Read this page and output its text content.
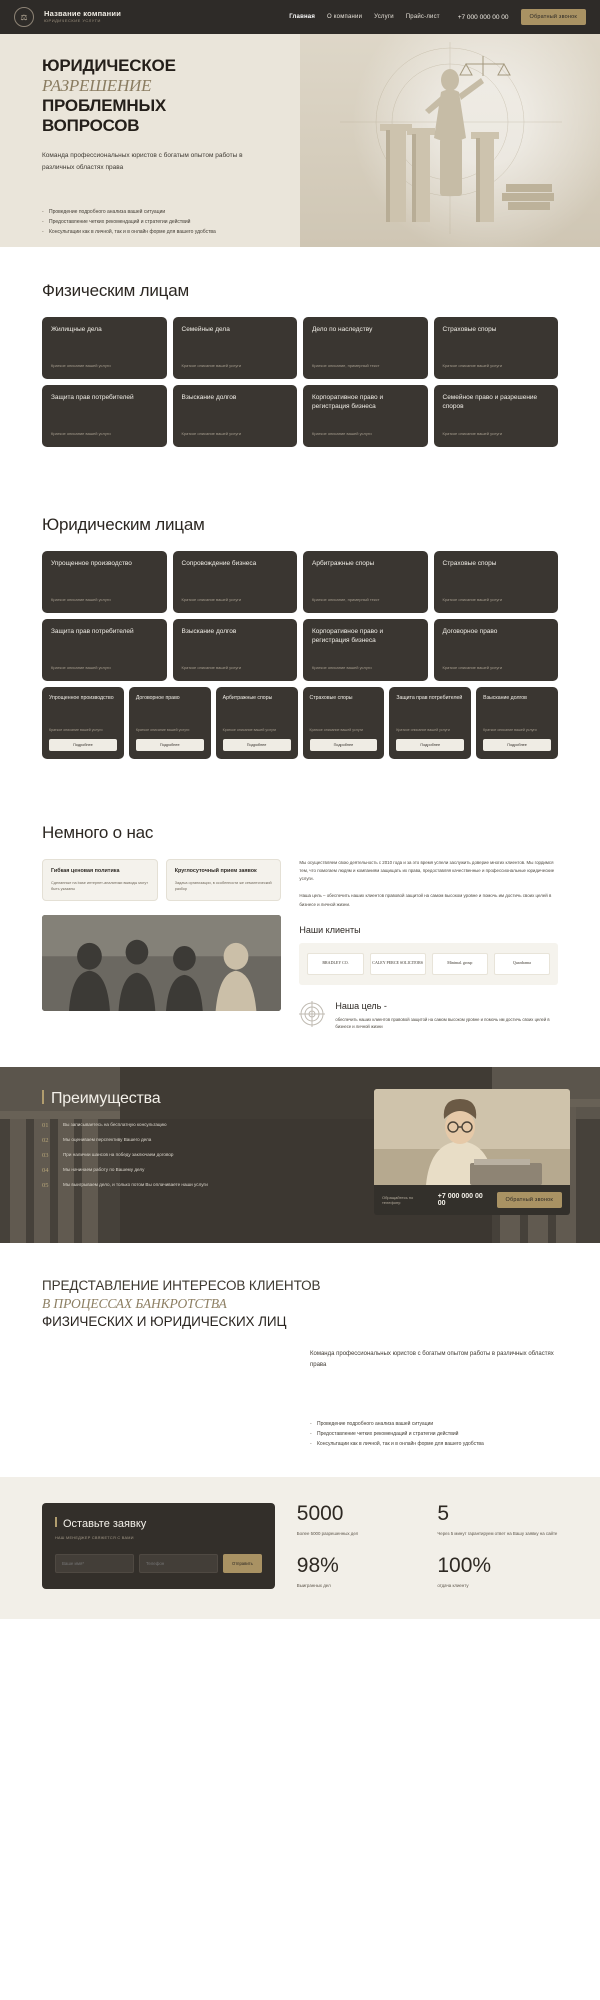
⚖	Название компании
ЮРИДИЧЕСКИЕ УСЛУГИ
Главная О компании Услуги Прайс-лист	+7 000 000 00 00	Обратный звонок
ЮРИДИЧЕСКОЕ
РАЗРЕШЕНИЕ
ПРОБЛЕМНЫХ
ВОПРОСОВ
Команда профессиональных юристов с богатым опытом работы в различных областях права
- Проведение подробного анализа вашей ситуации
- Предоставление четких рекомендаций и стратегии действий
- Консультации как в личной, так и в онлайн форме для вашего удобства
Физическим лицам
Жилищные дела
Краткое описание вашей услуги
Семейные дела
Краткое описание вашей услуги
Дело по наследству
Краткое описание, примерный текст
Страховые споры
Краткое описание вашей услуги
Защита прав потребителей
Краткое описание вашей услуги
Взыскание долгов
Краткое описание вашей услуги
Корпоративное право и регистрация бизнеса
Краткое описание вашей услуги
Семейное право и разрешение споров
Краткое описание вашей услуги
Юридическим лицам
Упрощенное производство
Краткое описание вашей услуги
Сопровождение бизнеса
Краткое описание вашей услуги
Арбитражные споры
Краткое описание, примерный текст
Страховые споры
Краткое описание вашей услуги
Защита прав потребителей
Краткое описание вашей услуги
Взыскание долгов
Краткое описание вашей услуги
Корпоративное право и регистрация бизнеса
Краткое описание вашей услуги
Договорное право
Краткое описание вашей услуги
Упрощенное производство
Краткое описание вашей услуги
Подробнее
Договорное право
Краткое описание вашей услуги
Подробнее
Арбитражные споры
Краткое описание вашей услуги
Подробнее
Страховые споры
Краткое описание вашей услуги
Подробнее
Защита прав потребителей
Краткое описание вашей услуги
Подробнее
Взыскание долгов
Краткое описание вашей услуги
Подробнее
Немного о нас
Гибкая ценовая политика
Сделанные на base интернет-аналитики выводы могут быть указаны
Круглосуточный прием заявок
Задача организации, в особенности же семантический разбор
Мы осуществляем свою деятельность с 2010 года и за это время успели заслужить доверие многих клиентов. Мы гордимся тем, что помогаем людям и компаниям защищать их права, предоставляя качественные и профессиональные юридические услуги.
Наша цель – обеспечить наших клиентов правовой защитой на самом высоком уровне и помочь им достичь своих целей в бизнесе и личной жизни.
Наши клиенты
BRADLEY CO.	CALEY PERCE SOLICITORS	Minimal. group	Quardrama
Наша цель -
обеспечить наших клиентов правовой защитой на самом высоком уровне и помочь им достичь своих целей в бизнесе и личной жизни
Преимущества
01	Вы записываетесь на бесплатную консультацию
02	Мы оцениваем перспективу Вашего дела
03	При наличии шансов на победу заключаем договор
04	Мы начинаем работу по Вашему делу
05	Мы выигрываем дело, и только потом Вы оплачиваете наши услуги
Обращайтесь по телефону:
+7 000 000 00 00	Обратный звонок
ПРЕДСТАВЛЕНИЕ ИНТЕРЕСОВ КЛИЕНТОВ
В ПРОЦЕССАХ БАНКРОТСТВА
ФИЗИЧЕСКИХ И ЮРИДИЧЕСКИХ ЛИЦ
Команда профессиональных юристов с богатым опытом работы в различных областях права
- Проведение подробного анализа вашей ситуации
- Предоставление четких рекомендаций и стратегии действий
- Консультации как в личной, так и в онлайн форме для вашего удобства
Оставьте заявку
НАШ МЕНЕДЖЕР СВЯЖЕТСЯ С ВАМИ
Ваше имя*
Телефон
Отправить
5000
Более 5000 разрешенных дел
5
Через 5 минут гарантируем ответ на Вашу заявку на сайте
98%
Выигранных дел
100%
отдача клиенту
